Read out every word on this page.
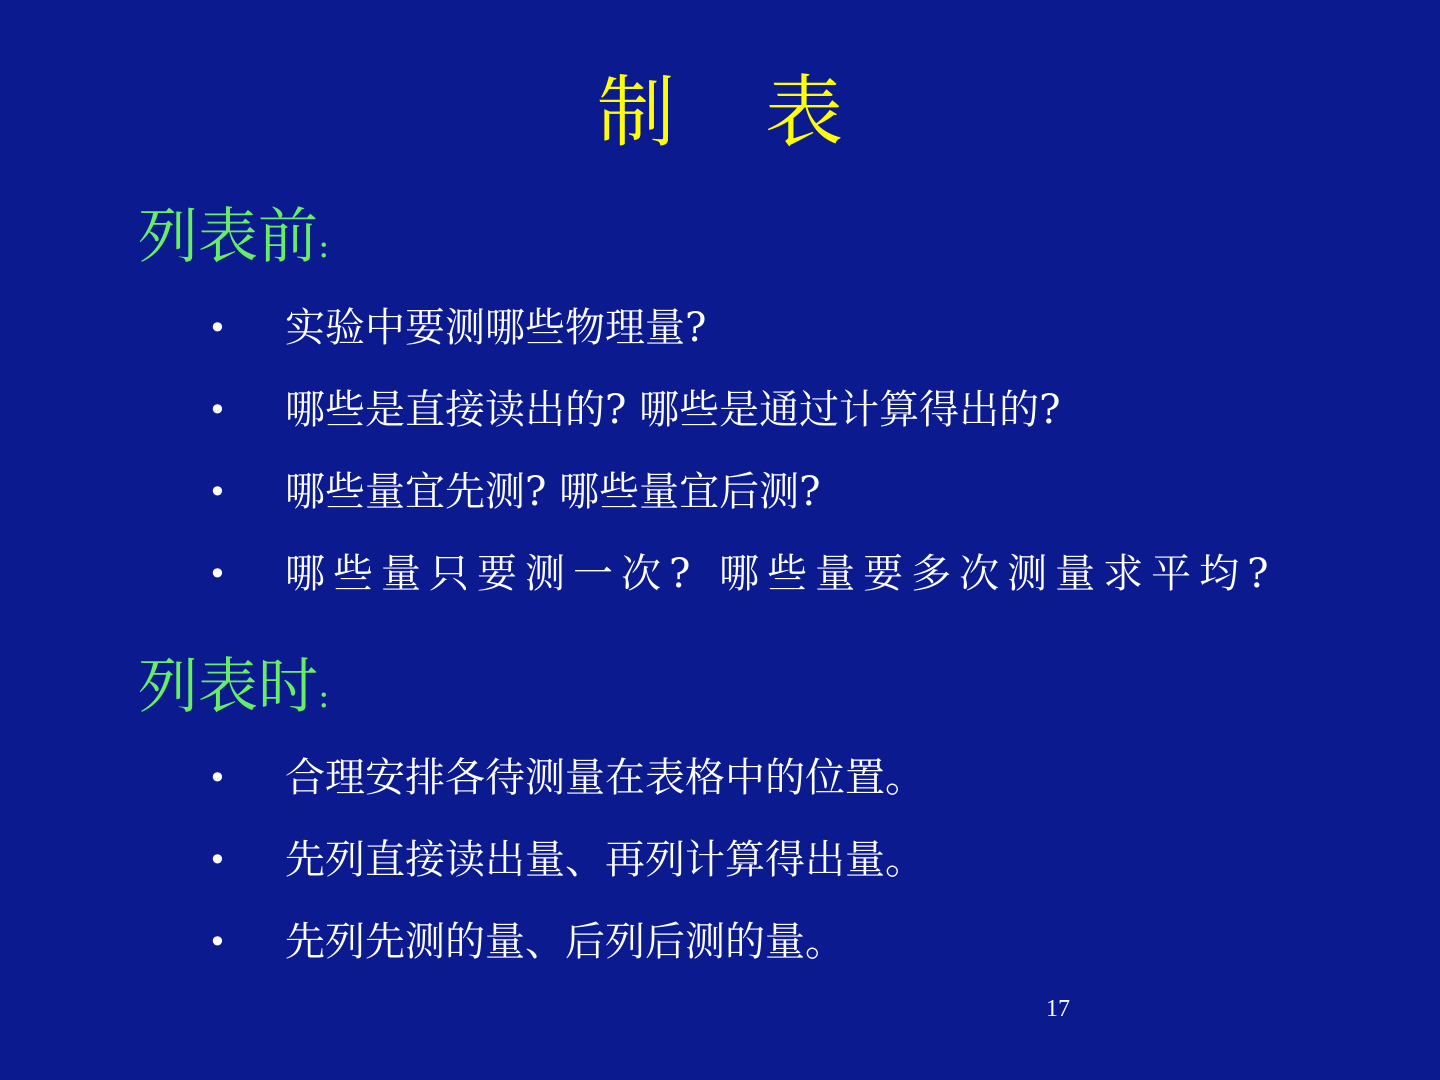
制 表
列表前:
• 实验中要测哪些物理量?
• 哪些是直接读出的? 哪些是通过计算得出的?
• 哪些量宜先测? 哪些量宜后测?
• 哪些量只要测一次? 哪些量要多次测量求平均?
列表时:
• 合理安排各待测量在表格中的位置。
• 先列直接读出量、再列计算得出量。
• 先列先测的量、后列后测的量。
17
